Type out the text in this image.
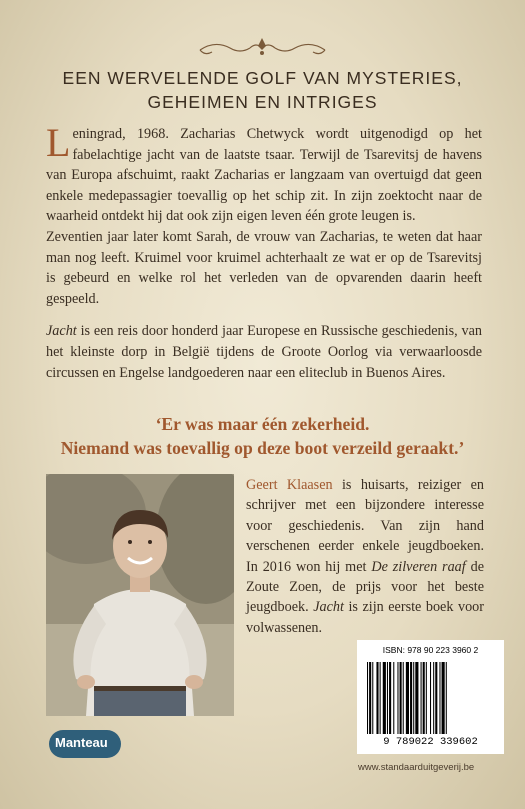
EEN WERVELENDE GOLF VAN MYSTERIES,
GEHEIMEN EN INTRIGES

Leningrad, 1968. Zacharias Chetwyck wordt uitgenodigd op het fabelachtige jacht van de laatste tsaar. Terwijl de Tsarevitsj de havens van Europa afschuimt, raakt Zacharias er langzaam van overtuigd dat geen enkele medepassagier toevallig op het schip zit. In zijn zoektocht naar de waarheid ontdekt hij dat ook zijn eigen leven één grote leugen is.

Zeventien jaar later komt Sarah, de vrouw van Zacharias, te weten dat haar man nog leeft. Kruimel voor kruimel achterhaalt ze wat er op de Tsarevitsj is gebeurd en welke rol het verleden van de opvarenden daarin heeft gespeeld.

Jacht is een reis door honderd jaar Europese en Russische geschiedenis, van het kleinste dorp in België tijdens de Groote Oorlog via verwaarloosde circussen en Engelse landgoederen naar een eliteclub in Buenos Aires.

‘Er was maar één zekerheid.
Niemand was toevallig op deze boot verzeild geraakt.’
Geert Klaasen is huisarts, reiziger en schrijver met een bijzondere interesse voor geschiedenis. Van zijn hand verschenen eerder enkele jeugdboeken. In 2016 won hij met De zilveren raaf de Zoute Zoen, de prijs voor het beste jeugdboek. Jacht is zijn eerste boek voor volwassenen.
ISBN: 978 90 223 3960 2
9 789022 339602
www.standaarduitgeverij.be
Manteau
